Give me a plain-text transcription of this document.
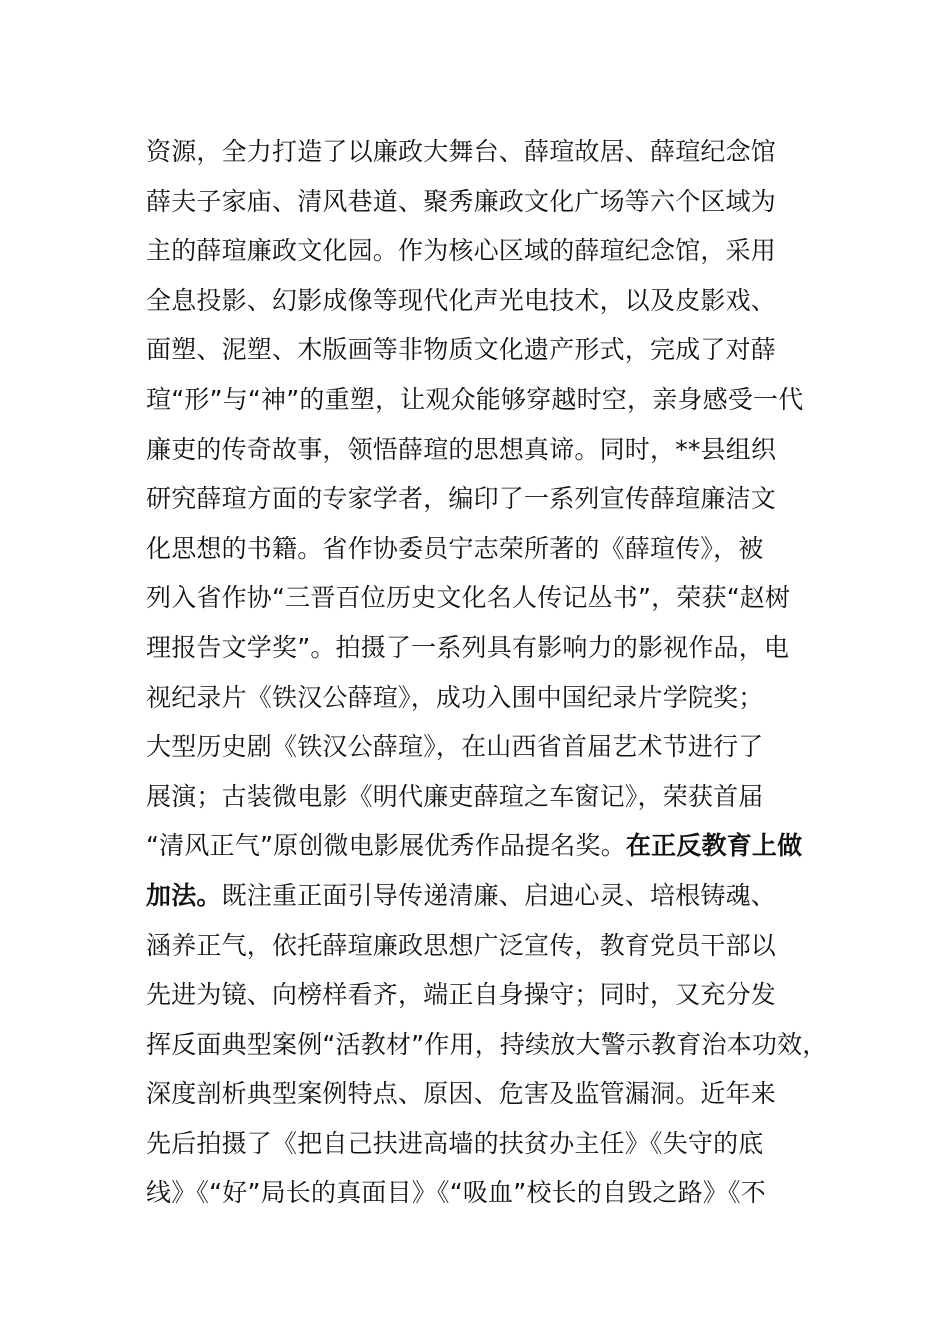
资源，全力打造了以廉政大舞台、薛瑄故居、薛瑄纪念馆
薛夫子家庙、清风巷道、聚秀廉政文化广场等六个区域为
主的薛瑄廉政文化园。作为核心区域的薛瑄纪念馆，采用
全息投影、幻影成像等现代化声光电技术，以及皮影戏、
面塑、泥塑、木版画等非物质文化遗产形式，完成了对薛
瑄“形”与“神”的重塑，让观众能够穿越时空，亲身感受一代
廉吏的传奇故事，领悟薛瑄的思想真谛。同时，**县组织
研究薛瑄方面的专家学者，编印了一系列宣传薛瑄廉洁文
化思想的书籍。省作协委员宁志荣所著的《薛瑄传》，被
列入省作协“三晋百位历史文化名人传记丛书”，荣获“赵树
理报告文学奖”。拍摄了一系列具有影响力的影视作品，电
视纪录片《铁汉公薛瑄》，成功入围中国纪录片学院奖；
大型历史剧《铁汉公薛瑄》，在山西省首届艺术节进行了
展演；古装微电影《明代廉吏薛瑄之车窗记》，荣获首届
“清风正气”原创微电影展优秀作品提名奖。在正反教育上做
加法。既注重正面引导传递清廉、启迪心灵、培根铸魂、
涵养正气，依托薛瑄廉政思想广泛宣传，教育党员干部以
先进为镜、向榜样看齐，端正自身操守；同时，又充分发
挥反面典型案例“活教材”作用，持续放大警示教育治本功效，
深度剖析典型案例特点、原因、危害及监管漏洞。近年来
先后拍摄了《把自己扶进高墙的扶贫办主任》《失守的底
线》《“好”局长的真面目》《“吸血”校长的自毁之路》《不
